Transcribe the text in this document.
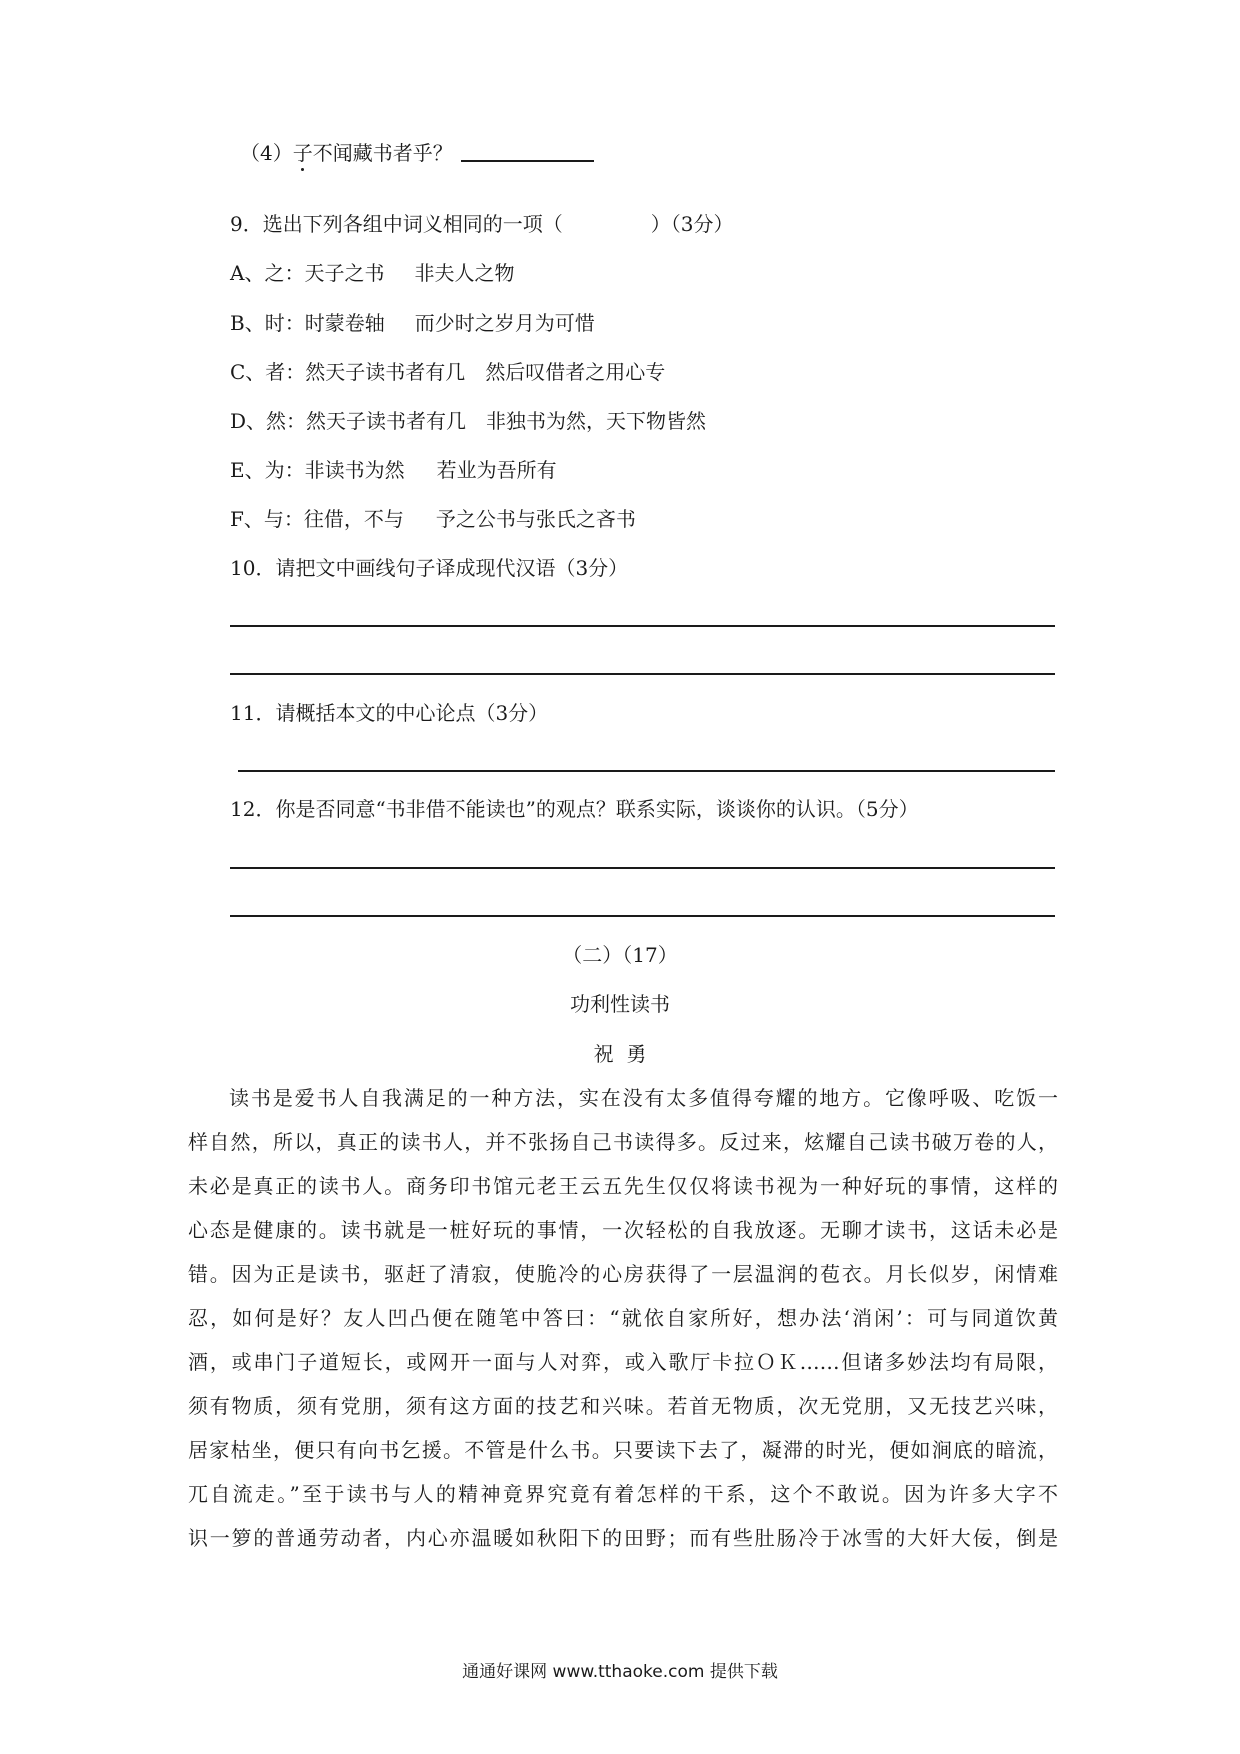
（4）子不闻藏书者乎？
9．选出下列各组中词义相同的一项（	）（3分）
A、之：天子之书 非夫人之物
B、时：时蒙卷轴 而少时之岁月为可惜
C、者：然天子读书者有几 然后叹借者之用心专
D、然：然天子读书者有几 非独书为然，天下物皆然
E、为：非读书为然 若业为吾所有
F、与：往借，不与 予之公书与张氏之吝书
10．请把文中画线句子译成现代汉语（3分）
11．请概括本文的中心论点（3分）
12．你是否同意“书非借不能读也”的观点？联系实际，谈谈你的认识。（5分）
（二）（17）
功利性读书
祝  勇
读书是爱书人自我满足的一种方法，实在没有太多值得夸耀的地方。它像呼吸、吃饭一
样自然，所以，真正的读书人，并不张扬自己书读得多。反过来，炫耀自己读书破万卷的人，
未必是真正的读书人。商务印书馆元老王云五先生仅仅将读书视为一种好玩的事情，这样的
心态是健康的。读书就是一桩好玩的事情，一次轻松的自我放逐。无聊才读书，这话未必是
错。因为正是读书，驱赶了清寂，使脆冷的心房获得了一层温润的苞衣。月长似岁，闲情难
忍，如何是好？友人凹凸便在随笔中答曰：“就依自家所好，想办法‘消闲’：可与同道饮黄
酒，或串门子道短长，或网开一面与人对弈，或入歌厅卡拉ＯＫ……但诸多妙法均有局限，
须有物质，须有党朋，须有这方面的技艺和兴味。若首无物质，次无党朋，又无技艺兴味，
居家枯坐，便只有向书乞援。不管是什么书。只要读下去了，凝滞的时光，便如涧底的暗流，
兀自流走。”至于读书与人的精神竟界究竟有着怎样的干系，这个不敢说。因为许多大字不
识一箩的普通劳动者，内心亦温暖如秋阳下的田野；而有些肚肠冷于冰雪的大奸大佞，倒是
通通好课网 www.tthaoke.com 提供下载
